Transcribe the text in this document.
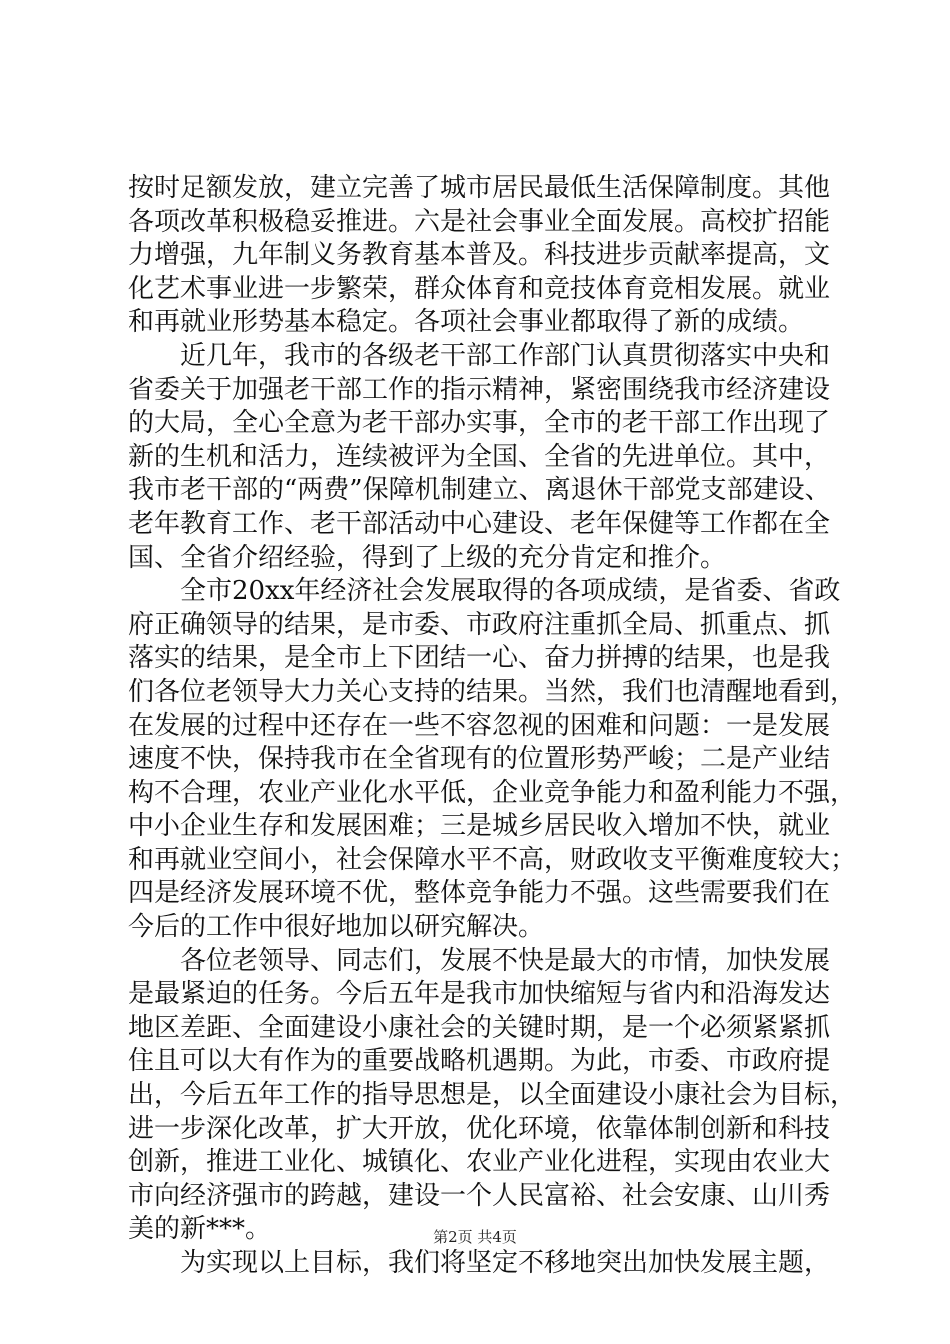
按时足额发放，建立完善了城市居民最低生活保障制度。其他
各项改革积极稳妥推进。六是社会事业全面发展。高校扩招能
力增强，九年制义务教育基本普及。科技进步贡献率提高，文
化艺术事业进一步繁荣，群众体育和竞技体育竞相发展。就业
和再就业形势基本稳定。各项社会事业都取得了新的成绩。
　　近几年，我市的各级老干部工作部门认真贯彻落实中央和
省委关于加强老干部工作的指示精神，紧密围绕我市经济建设
的大局，全心全意为老干部办实事，全市的老干部工作出现了
新的生机和活力，连续被评为全国、全省的先进单位。其中，
我市老干部的“两费”保障机制建立、离退休干部党支部建设、
老年教育工作、老干部活动中心建设、老年保健等工作都在全
国、全省介绍经验，得到了上级的充分肯定和推介。
　　全市20xx年经济社会发展取得的各项成绩，是省委、省政
府正确领导的结果，是市委、市政府注重抓全局、抓重点、抓
落实的结果，是全市上下团结一心、奋力拼搏的结果，也是我
们各位老领导大力关心支持的结果。当然，我们也清醒地看到，
在发展的过程中还存在一些不容忽视的困难和问题：一是发展
速度不快，保持我市在全省现有的位置形势严峻；二是产业结
构不合理，农业产业化水平低，企业竞争能力和盈利能力不强，
中小企业生存和发展困难；三是城乡居民收入增加不快，就业
和再就业空间小，社会保障水平不高，财政收支平衡难度较大；
四是经济发展环境不优，整体竞争能力不强。这些需要我们在
今后的工作中很好地加以研究解决。
　　各位老领导、同志们，发展不快是最大的市情，加快发展
是最紧迫的任务。今后五年是我市加快缩短与省内和沿海发达
地区差距、全面建设小康社会的关键时期，是一个必须紧紧抓
住且可以大有作为的重要战略机遇期。为此，市委、市政府提
出，今后五年工作的指导思想是，以全面建设小康社会为目标，
进一步深化改革，扩大开放，优化环境，依靠体制创新和科技
创新，推进工业化、城镇化、农业产业化进程，实现由农业大
市向经济强市的跨越，建设一个人民富裕、社会安康、山川秀
美的新***。
　　为实现以上目标，我们将坚定不移地突出加快发展主题，
第2页 共4页
